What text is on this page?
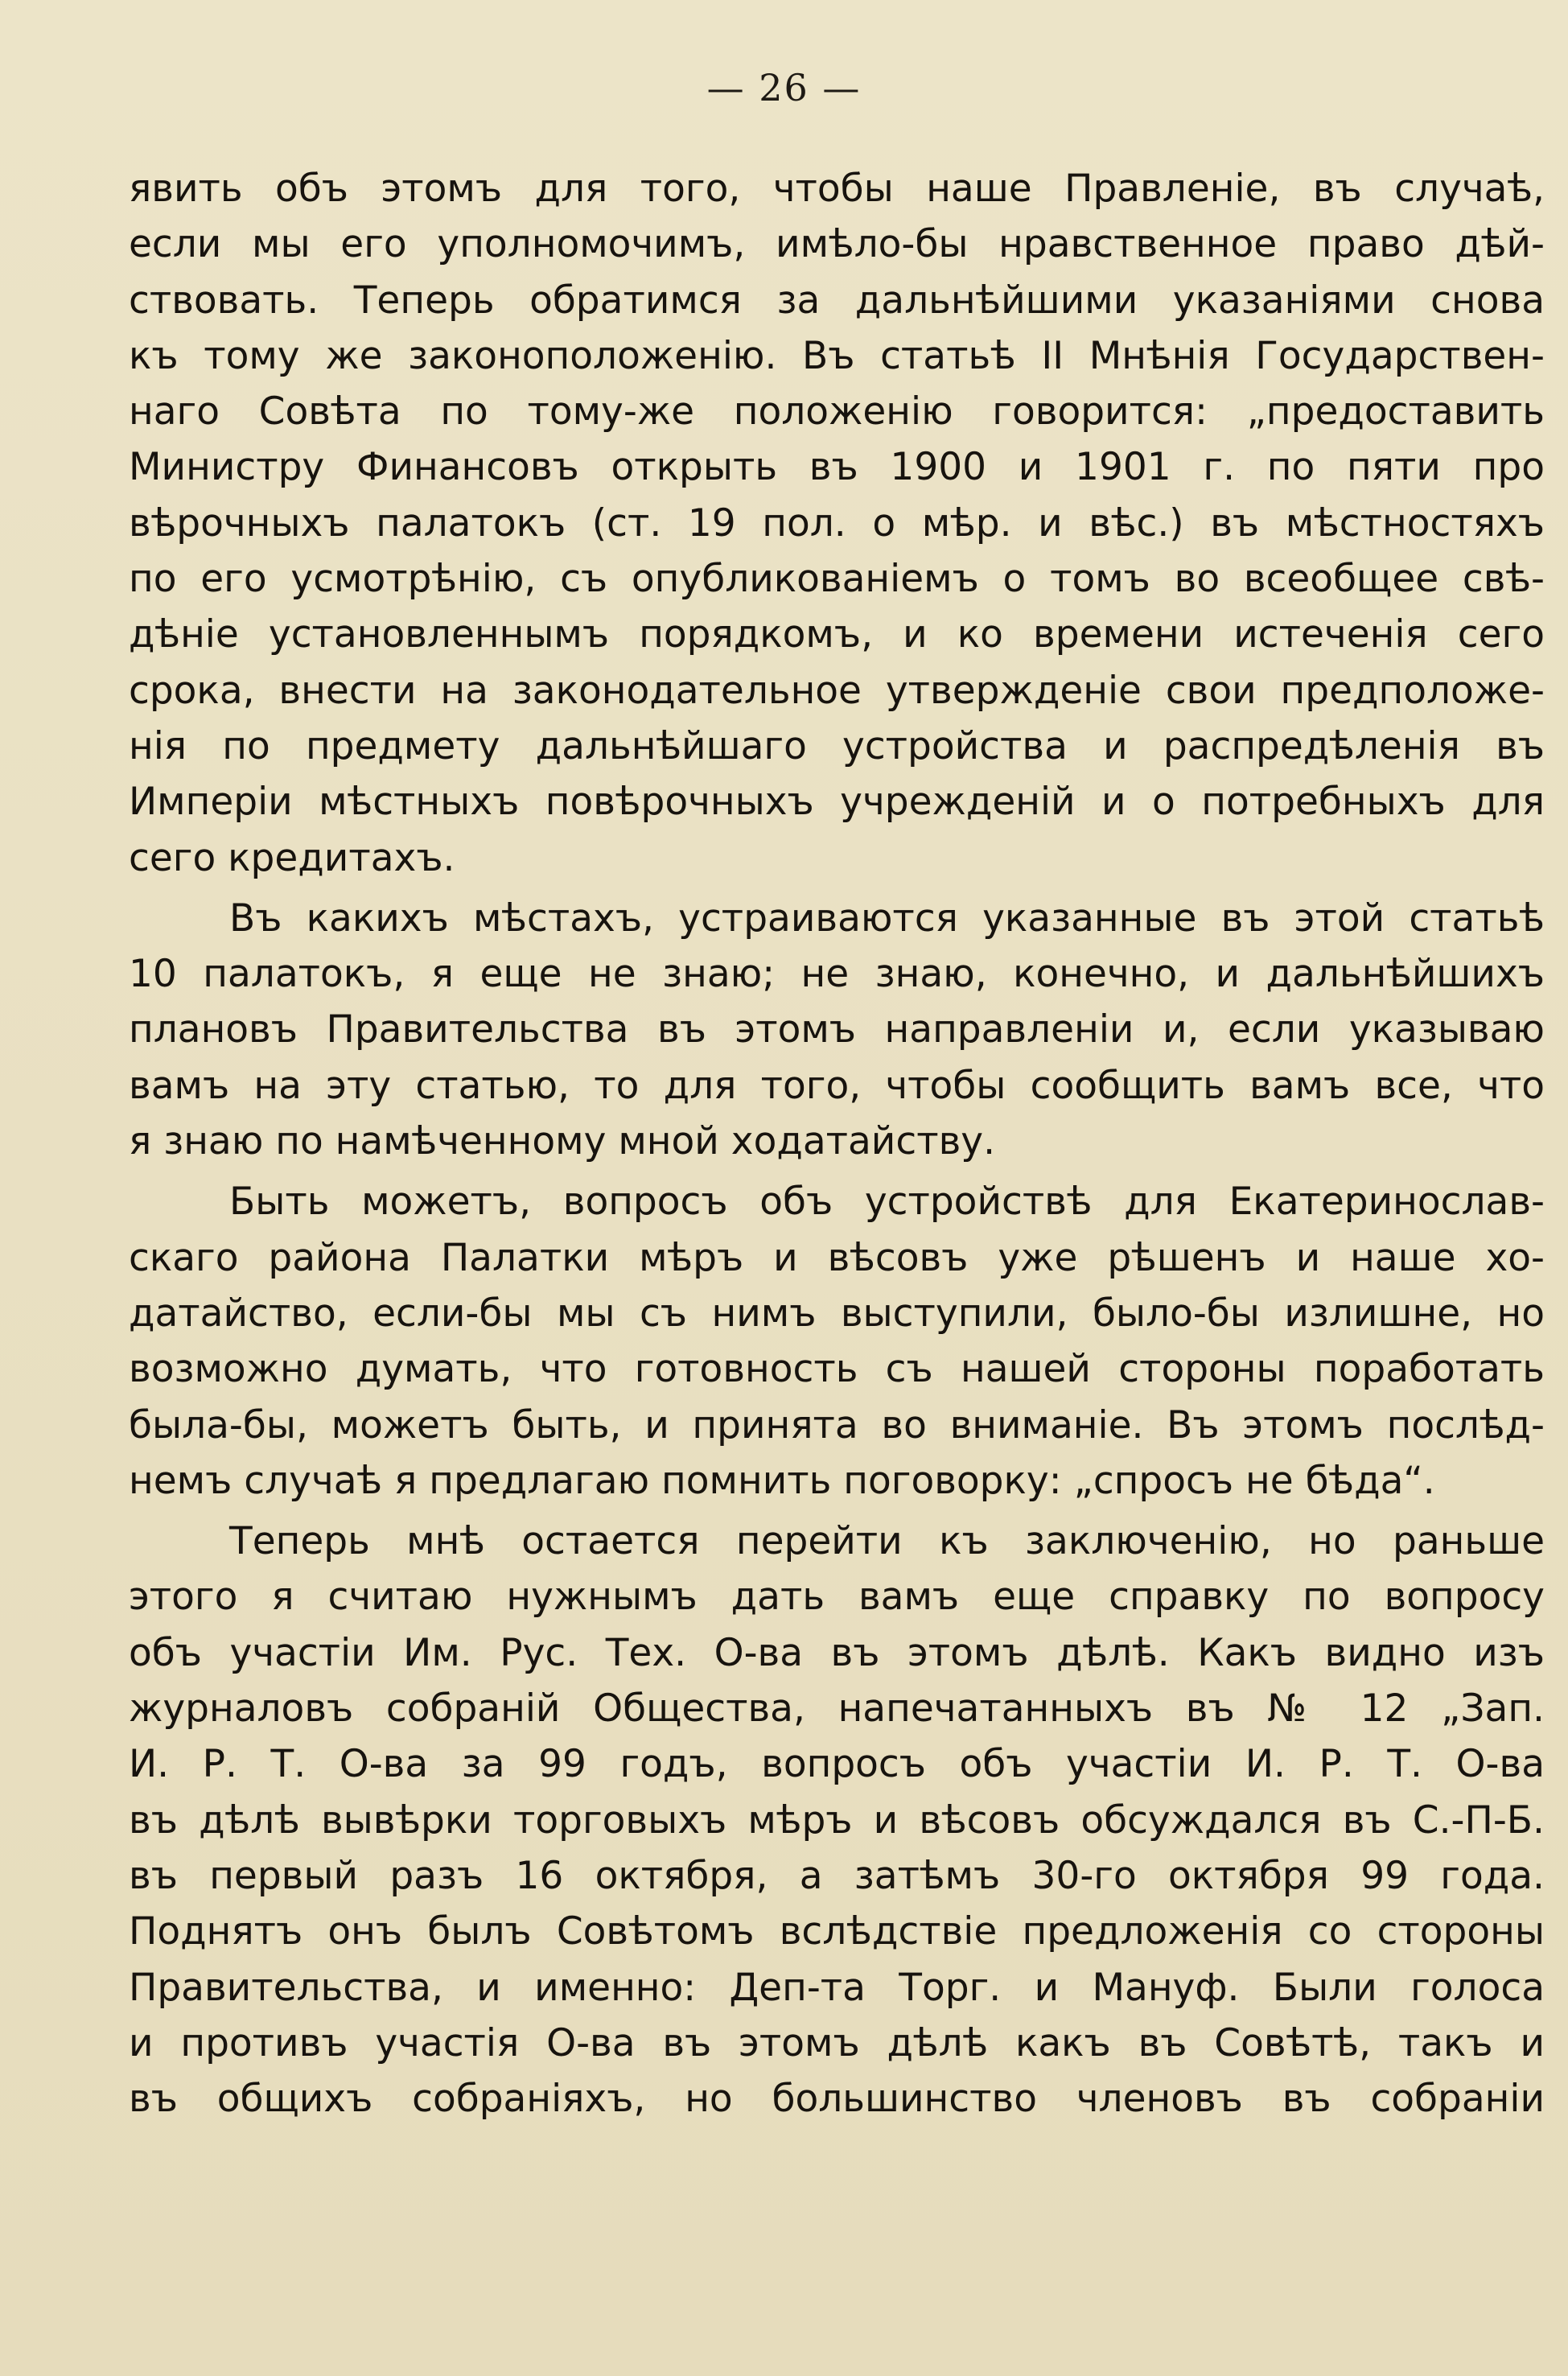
— 26 —
явить объ этомъ для того, чтобы наше Правленіе, въ случаѣ,
если мы его уполномочимъ, имѣло-бы нравственное право дѣй-
ствовать. Теперь обратимся за дальнѣйшими указаніями снова
къ тому же законоположенію. Въ статьѣ II Мнѣнія Государствен-
наго Совѣта по тому-же положенію говорится: „предоставить
Министру Финансовъ открыть въ 1900 и 1901 г. по пяти про
вѣрочныхъ палатокъ (ст. 19 пол. о мѣр. и вѣс.) въ мѣстностяхъ
по его усмотрѣнію, съ опубликованіемъ о томъ во всеобщее свѣ-
дѣніе установленнымъ порядкомъ, и ко времени истеченія сего
срока, внести на законодательное утвержденіе свои предположе-
нія по предмету дальнѣйшаго устройства и распредѣленія въ
Имперіи мѣстныхъ повѣрочныхъ учрежденій и о потребныхъ для
сего кредитахъ.
Въ какихъ мѣстахъ, устраиваются указанные въ этой статьѣ
10 палатокъ, я еще не знаю; не знаю, конечно, и дальнѣйшихъ
плановъ Правительства въ этомъ направленіи и, если указываю
вамъ на эту статью, то для того, чтобы сообщить вамъ все, что
я знаю по намѣченному мной ходатайству.
Быть можетъ, вопросъ объ устройствѣ для Екатеринослав-
скаго района Палатки мѣръ и вѣсовъ уже рѣшенъ и наше хо-
датайство, если-бы мы съ нимъ выступили, было-бы излишне, но
возможно думать, что готовность съ нашей стороны поработать
была-бы, можетъ быть, и принята во вниманіе. Въ этомъ послѣд-
немъ случаѣ я предлагаю помнить поговорку: „спросъ не бѣда“.
Теперь мнѣ остается перейти къ заключенію, но раньше
этого я считаю нужнымъ дать вамъ еще справку по вопросу
объ участіи Им. Рус. Тех. О-ва въ этомъ дѣлѣ. Какъ видно изъ
журналовъ собраній Общества, напечатанныхъ въ № 12 „Зап.
И. Р. Т. О-ва за 99 годъ, вопросъ объ участіи И. Р. Т. О-ва
въ дѣлѣ вывѣрки торговыхъ мѣръ и вѣсовъ обсуждался въ С.-П-Б.
въ первый разъ 16 октября, а затѣмъ 30-го октября 99 года.
Поднятъ онъ былъ Совѣтомъ вслѣдствіе предложенія со стороны
Правительства, и именно: Деп-та Торг. и Мануф. Были голоса
и противъ участія О-ва въ этомъ дѣлѣ какъ въ Совѣтѣ, такъ и
въ общихъ собраніяхъ, но большинство членовъ въ собраніи
